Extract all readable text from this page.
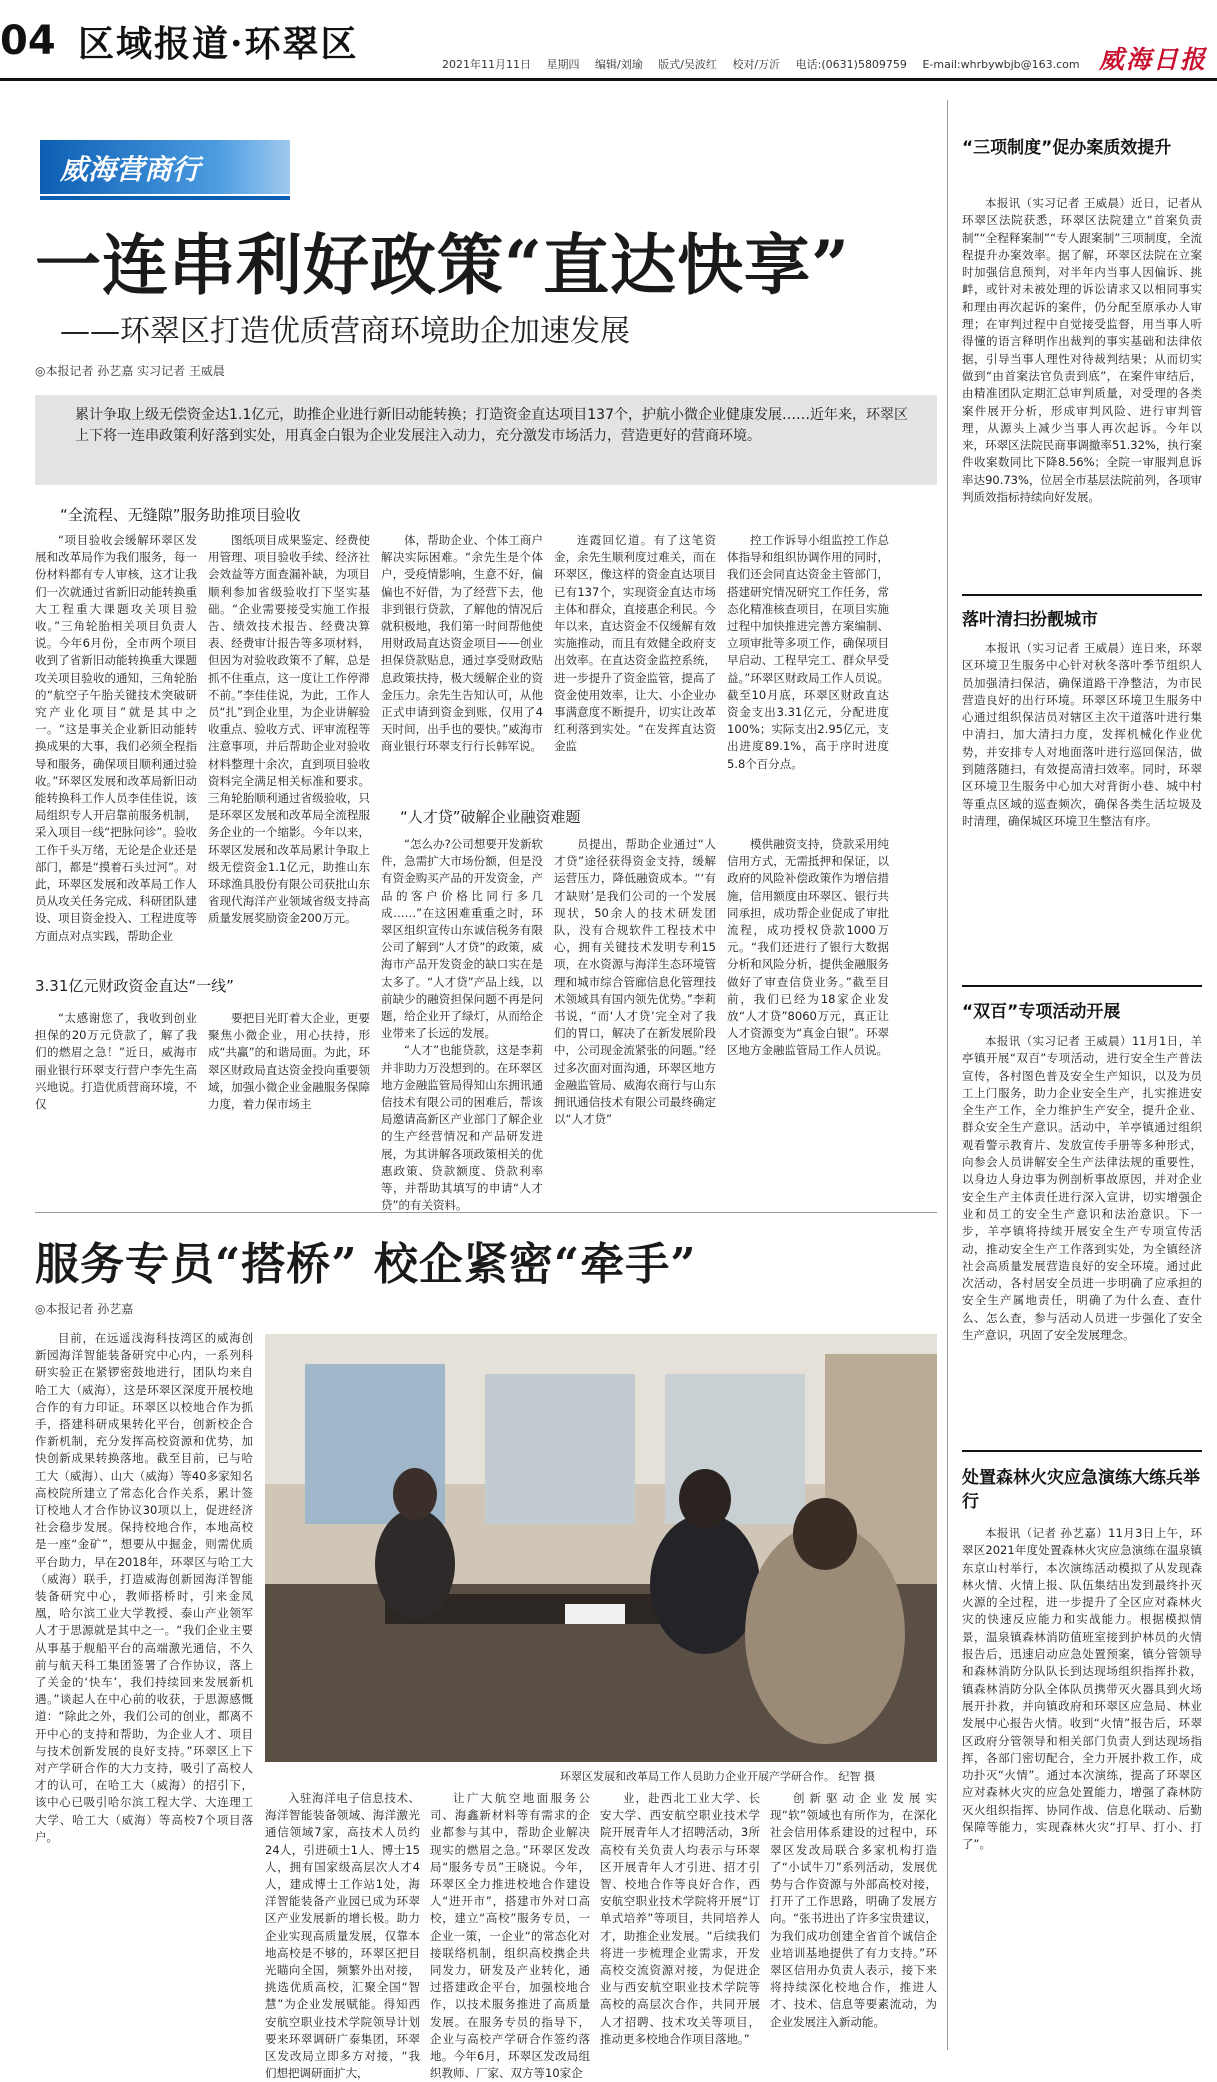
04 区域报道·环翠区	2021年11月11日 星期四 编辑/刘瑜 版式/吴波红 校对/万沂 电话:(0631)5809759 E-mail:whrbywbjb@163.com 威海日报
威海营商行
一连串利好政策“直达快享”
——环翠区打造优质营商环境助企加速发展
◎本报记者 孙艺嘉 实习记者 王威晨

累计争取上级无偿资金达1.1亿元，助推企业进行新旧动能转换；打造资金直达项目137个，护航小微企业健康发展……近年来，环翠区上下将一连串政策利好落到实处，用真金白银为企业发展注入动力，充分激发市场活力，营造更好的营商环境。

“全流程、无缝隙”服务助推项目验收

“项目验收会缓解环翠区发展和改革局作为我们服务，每一份材料都有专人审核，这才让我们一次就通过省新旧动能转换重大工程重大课题攻关项目验收。”三角轮胎相关项目负责人说。今年6月份，全市两个项目收到了省新旧动能转换重大课题攻关项目验收的通知，三角轮胎的“航空子午胎关键技术突破研究产业化项目”就是其中之一。“这是事关企业新旧动能转换成果的大事，我们必须全程指导和服务，确保项目顺利通过验收。”环翠区发展和改革局新旧动能转换科工作人员李佳佳说，该局组织专人开启靠前服务机制，采入项目一线“把脉问诊”。验收工作千头万绪，无论是企业还是部门，都是“摸着石头过河”。对此，环翠区发展和改革局工作人员从攻关任务完成、科研团队建设、项目资金投入、工程进度等方面点对点实践，帮助企业

图纸项目成果鉴定、经费使用管理、项目验收手续、经济社会效益等方面查漏补缺，为项目顺利参加省级验收打下坚实基础。“企业需要接受实施工作报告、绩效技术报告、经费决算表、经费审计报告等多项材料，但因为对验收政策不了解，总是抓不住重点，这一度让工作停滞不前。”李佳佳说，为此，工作人员“扎”到企业里，为企业讲解验收重点、验收方式、评审流程等注意事项，并后帮助企业对验收材料整理十余次，直到项目验收资料完全满足相关标准和要求。三角轮胎顺利通过省级验收，只是环翠区发展和改革局全流程服务企业的一个缩影。今年以来，环翠区发展和改革局累计争取上级无偿资金1.1亿元，助推山东环球渔具股份有限公司获批山东省现代海洋产业领域省级支持高质量发展奖励资金200万元。

3.31亿元财政资金直达“一线”

“太感谢您了，我收到创业担保的20万元贷款了，解了我们的燃眉之急！”近日，威海市丽业银行环翠支行营户李先生高兴地说。打造优质营商环境，不仅

要把目光盯着大企业，更要聚焦小微企业，用心扶持，形成“共赢”的和谐局面。为此，环翠区财政局直达资金投向重要领域，加强小微企业金融服务保障力度，着力保市场主

体，帮助企业、个体工商户解决实际困难。“余先生是个体户，受疫情影响，生意不好，偏偏也不好借，为了经营下去，他非到银行贷款，了解他的情况后就积极地，我们第一时间帮他使用财政局直达资金项目——创业担保贷款贴息，通过享受财政贴息政策扶持，极大缓解企业的资金压力。余先生告知认可，从他正式申请到资金到账，仅用了4天时间，出手也的要快。”威海市商业银行环翠支行行长韩军说。

连霞回忆道。有了这笔资金，余先生顺利度过难关，而在环翠区，像这样的资金直达项目已有137个，实现资金直达市场主体和群众，直接惠企利民。今年以来，直达资金不仅缓解有效实施推动，而且有效健全政府支出效率。在直达资金监控系统，进一步提升了资金监管，提高了资金使用效率，让大、小企业办事满意度不断提升，切实让改革红利落到实处。“在发挥直达资金监

控工作诉导小组监控工作总体指导和组织协调作用的同时，我们还会同直达资金主管部门，搭建研究情况研究工作任务，常态化精准核查项目，在项目实施过程中加快推进完善方案编制、立项审批等多项工作，确保项目早启动、工程早完工、群众早受益。”环翠区财政局工作人员说。截至10月底，环翠区财政直达资金支出3.31亿元，分配进度100%；实际支出2.95亿元，支出进度89.1%，高于序时进度5.8个百分点。

“人才贷”破解企业融资难题

“怎么办?公司想要开发新软件，急需扩大市场份额，但是没有资金购买产品的开发资金，产品的客户价格比同行多几成……”在这困难重重之时，环翠区组织宣传山东诚信税务有限公司了解到“人才贷”的政策，威海市产品开发资金的缺口实在是太多了。“人才贷”产品上线，以前缺少的融资担保问题不再是问题，给企业开了绿灯，从而给企业带来了长远的发展。

“人才”也能贷款，这是李莉并非助力万没想到的。在环翠区地方金融监管局得知山东拥讯通信技术有限公司的困难后，帮该局邀请高新区产业部门了解企业的生产经营情况和产品研发进展，为其讲解各项政策相关的优惠政策、贷款额度、贷款利率等，并帮助其填写的申请“人才贷”的有关资料。

员提出，帮助企业通过“人才贷”途径获得资金支持，缓解运营压力，降低融资成本。“‘有才缺财’是我们公司的一个发展现状，50余人的技术研发团队，没有合规软件工程技术中心，拥有关键技术发明专利15项，在水资源与海洋生态环境管理和城市综合管廊信息化管理技术领域具有国内领先优势。”李莉书说，“而‘人才贷’完全对了我们的胃口，解决了在新发展阶段中，公司现金流紧张的问题。”经过多次面对面沟通，环翠区地方金融监管局、威海农商行与山东拥讯通信技术有限公司最终确定以“人才贷”

模供融资支持，贷款采用纯信用方式，无需抵押和保证，以政府的风险补偿政策作为增信措施，信用额度由环翠区、银行共同承担，成功帮企业促成了审批流程，成功授权贷款1000万元。“我们还进行了银行大数据分析和风险分析，提供金融服务做好了审查信贷业务。”截至目前，我们已经为18家企业发放“人才贷”8060万元，真正让人才资源变为“真金白银”。环翠区地方金融监管局工作人员说。

服务专员“搭桥” 校企紧密“牵手”
◎本报记者 孙艺嘉

目前，在远遥浅海科技湾区的威海创新园海洋智能装备研究中心内，一系列科研实验正在紧锣密鼓地进行，团队均来自哈工大（威海），这是环翠区深度开展校地合作的有力印证。环翠区以校地合作为抓手，搭建科研成果转化平台，创新校企合作新机制，充分发挥高校资源和优势，加快创新成果转换落地。截至目前，已与哈工大（威海）、山大（威海）等40多家知名高校院所建立了常态化合作关系，累计签订校地人才合作协议30项以上，促进经济社会稳步发展。保持校地合作，本地高校是一座“金矿”，想要从中掘金，则需优质平台助力，早在2018年，环翠区与哈工大（威海）联手，打造威海创新园海洋智能装备研究中心，教师搭桥时，引来金凤凰，哈尔滨工业大学教授、泰山产业领军人才于思源就是其中之一。“我们企业主要从事基于舰船平台的高端激光通信，不久前与航天科工集团签署了合作协议，落上了关金的‘快车’，我们持续回来发展新机遇。”谈起人在中心前的收获，于思源感慨道：“除此之外，我们公司的创业，都离不开中心的支持和帮助，为企业人才、项目与技术创新发展的良好支持。”环翠区上下对产学研合作的大力支持，吸引了高校人才的认可，在哈工大（威海）的招引下，该中心已吸引哈尔滨工程大学、大连理工大学、哈工大（威海）等高校7个项目落户。

环翠区发展和改革局工作人员助力企业开展产学研合作。 纪智 摄

入驻海洋电子信息技术、海洋智能装备领域、海洋激光通信领域7家，高技术人员约24人，引进硕士1人、博士15人，拥有国家级高层次人才4人，建成博士工作站1处，海洋智能装备产业园已成为环翠区产业发展新的增长极。助力企业实现高质量发展，仅靠本地高校是不够的，环翠区把目光瞄向全国，频繁外出对接，挑选优质高校，汇聚全国“智慧”为企业发展赋能。得知西安航空职业技术学院领导计划要来环翠调研广泰集团，环翠区发改局立即多方对接，“我们想把调研面扩大，

让广大航空地面服务公司、海鑫新材料等有需求的企业都参与其中，帮助企业解决现实的燃眉之急。”环翠区发改局“服务专员”王晓说。今年，环翠区全力推进校地合作建设人“进开市”，搭建市外对口高校，建立“高校”服务专员，一企业一策，一企业“的常态化对接联络机制，组织高校携企共同发力，研发及产业转化，通过搭建政企平台，加强校地合作，以技术服务推进了高质量发展。在服务专员的指导下，企业与高校产学研合作签约落地。今年6月，环翠区发改局组织教师、厂家、双方等10家企

业，赴西北工业大学、长安大学、西安航空职业技术学院开展青年人才招聘活动，3所高校有关负责人均表示与环翠区开展青年人才引进、招才引智、校地合作等良好合作，西安航空职业技术学院将开展“订单式培养”等项目，共同培养人才，助推企业发展。“后续我们将进一步梳理企业需求，开发高校交流资源对接，为促进企业与西安航空职业技术学院等高校的高层次合作，共同开展人才招聘、技术攻关等项目，推动更多校地合作项目落地。”

创新驱动企业发展实现“软”领域也有所作为，在深化社会信用体系建设的过程中，环翠区发改局联合多家机构打造了“小试牛刀”系列活动，发展优势与合作资源与外部高校对接，打开了工作思路，明确了发展方向。“张书进出了许多宝贵建议，为我们成功创建全省首个诚信企业培训基地提供了有力支持。”环翠区信用办负责人表示，接下来将持续深化校地合作，推进人才、技术、信息等要素流动，为企业发展注入新动能。

“三项制度”促办案质效提升

本报讯（实习记者 王威晨）近日，记者从环翠区法院获悉，环翠区法院建立“首案负责制”“全程释案制”“专人跟案制”三项制度，全流程提升办案效率。据了解，环翠区法院在立案时加强信息预判，对半年内当事人因偏诉、挑衅，或针对未被处理的诉讼请求又以相同事实和理由再次起诉的案件，仍分配至原承办人审理；在审判过程中自觉接受监督，用当事人听得懂的语言释明作出裁判的事实基础和法律依据，引导当事人理性对待裁判结果；从而切实做到“由首案法官负责到底”，在案件审结后，由精准团队定期汇总审判质量，对受理的各类案件展开分析，形成审判风险、进行审判管理，从源头上减少当事人再次起诉。今年以来，环翠区法院民商事调撤率51.32%，执行案件收案数同比下降8.56%；全院一审服判息诉率达90.73%，位居全市基层法院前列，各项审判质效指标持续向好发展。

落叶清扫扮靓城市

本报讯（实习记者 王威晨）连日来，环翠区环境卫生服务中心针对秋冬落叶季节组织人员加强清扫保洁，确保道路干净整洁，为市民营造良好的出行环境。环翠区环境卫生服务中心通过组织保洁员对辖区主次干道落叶进行集中清扫，加大清扫力度，发挥机械化作业优势，并安排专人对地面落叶进行巡回保洁，做到随落随扫，有效提高清扫效率。同时，环翠区环境卫生服务中心加大对背街小巷、城中村等重点区域的巡查频次，确保各类生活垃圾及时清理，确保城区环境卫生整洁有序。

“双百”专项活动开展

本报讯（实习记者 王威晨）11月1日，羊亭镇开展“双百”专项活动，进行安全生产普法宣传，各村图色普及安全生产知识，以及为员工上门服务，助力企业安全生产，扎实推进安全生产工作，全力维护生产安全，提升企业、群众安全生产意识。活动中，羊亭镇通过组织观看警示教育片、发放宣传手册等多种形式，向参会人员讲解安全生产法律法规的重要性，以身边人身边事为例剖析事故原因，并对企业安全生产主体责任进行深入宣讲，切实增强企业和员工的安全生产意识和法治意识。下一步，羊亭镇将持续开展安全生产专项宣传活动，推动安全生产工作落到实处，为全镇经济社会高质量发展营造良好的安全环境。通过此次活动，各村居安全员进一步明确了应承担的安全生产属地责任，明确了为什么查、查什么、怎么查，参与活动人员进一步强化了安全生产意识，巩固了安全发展理念。

处置森林火灾应急演练大练兵举行

本报讯（记者 孙艺嘉）11月3日上午，环翠区2021年度处置森林火灾应急演练在温泉镇东京山村举行，本次演练活动模拟了从发现森林火情、火情上报、队伍集结出发到最终扑灭火源的全过程，进一步提升了全区应对森林火灾的快速反应能力和实战能力。根据模拟情景，温泉镇森林消防值班室接到护林员的火情报告后，迅速启动应急处置预案，镇分管领导和森林消防分队队长到达现场组织指挥扑救，镇森林消防分队全体队员携带灭火器具到火场展开扑救，并向镇政府和环翠区应急局、林业发展中心报告火情。收到“火情”报告后，环翠区政府分管领导和相关部门负责人到达现场指挥，各部门密切配合，全力开展扑救工作，成功扑灭“火情”。通过本次演练，提高了环翠区应对森林火灾的应急处置能力，增强了森林防灭火组织指挥、协同作战、信息化联动、后勤保障等能力，实现森林火灾“打早、打小、打了”。
